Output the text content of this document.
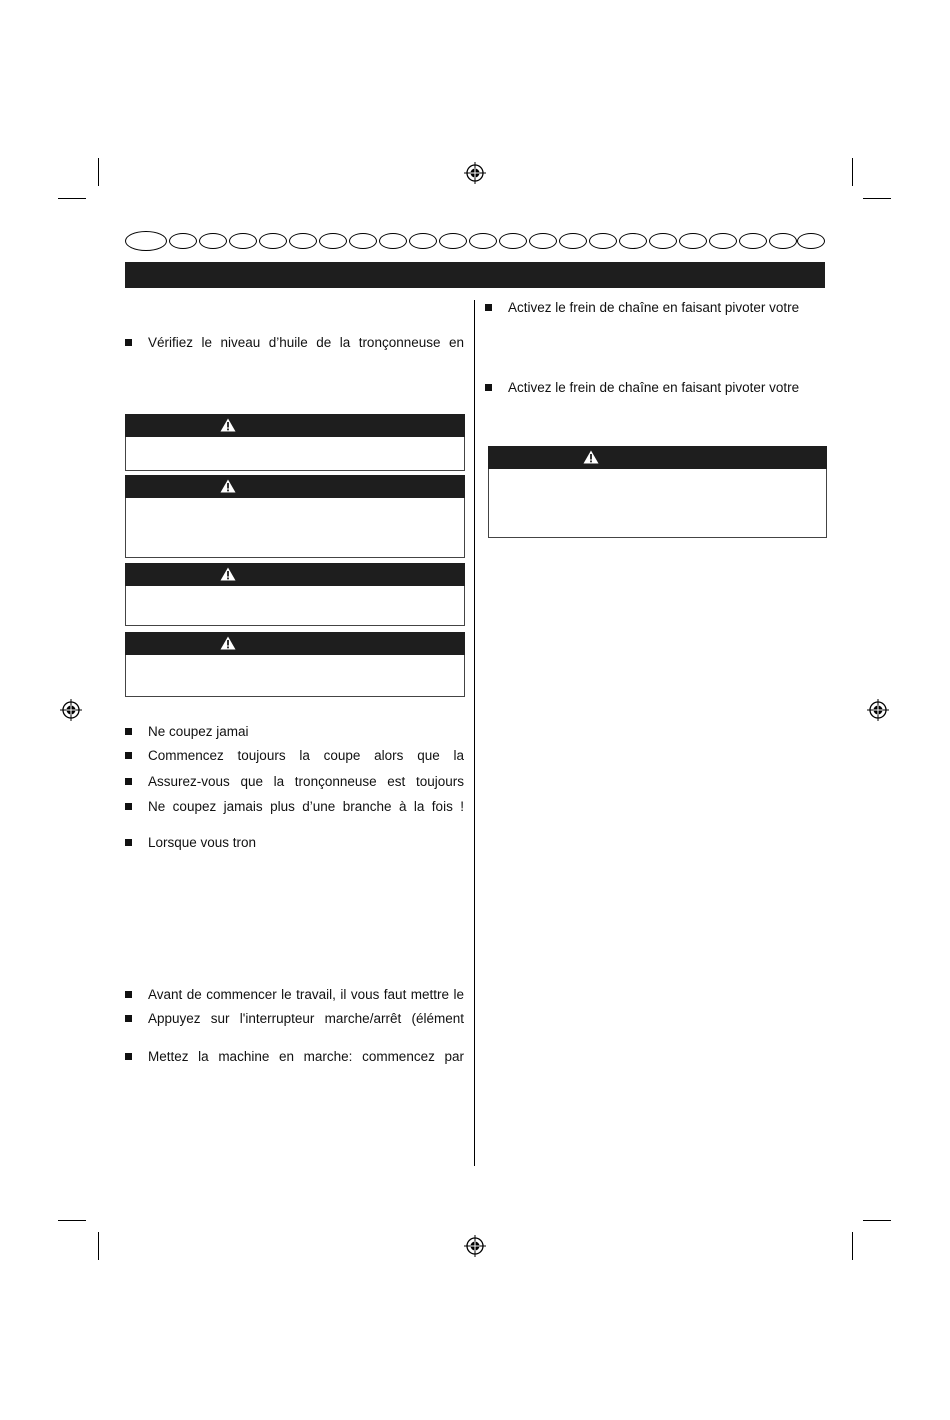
Vérifiez le niveau d’huile de la tronçonneuse en
Ne coupez jamai
Commencez toujours la coupe alors que la
Assurez-vous que la tronçonneuse est toujours
Ne coupez jamais plus d’une branche à la fois !
Lorsque vous tron
Avant de commencer le travail, il vous faut mettre le
Appuyez sur l'interrupteur marche/arrêt (élément
Mettez la machine en marche: commencez par
Activez le frein de chaîne en faisant pivoter votre
Activez le frein de chaîne en faisant pivoter votre
